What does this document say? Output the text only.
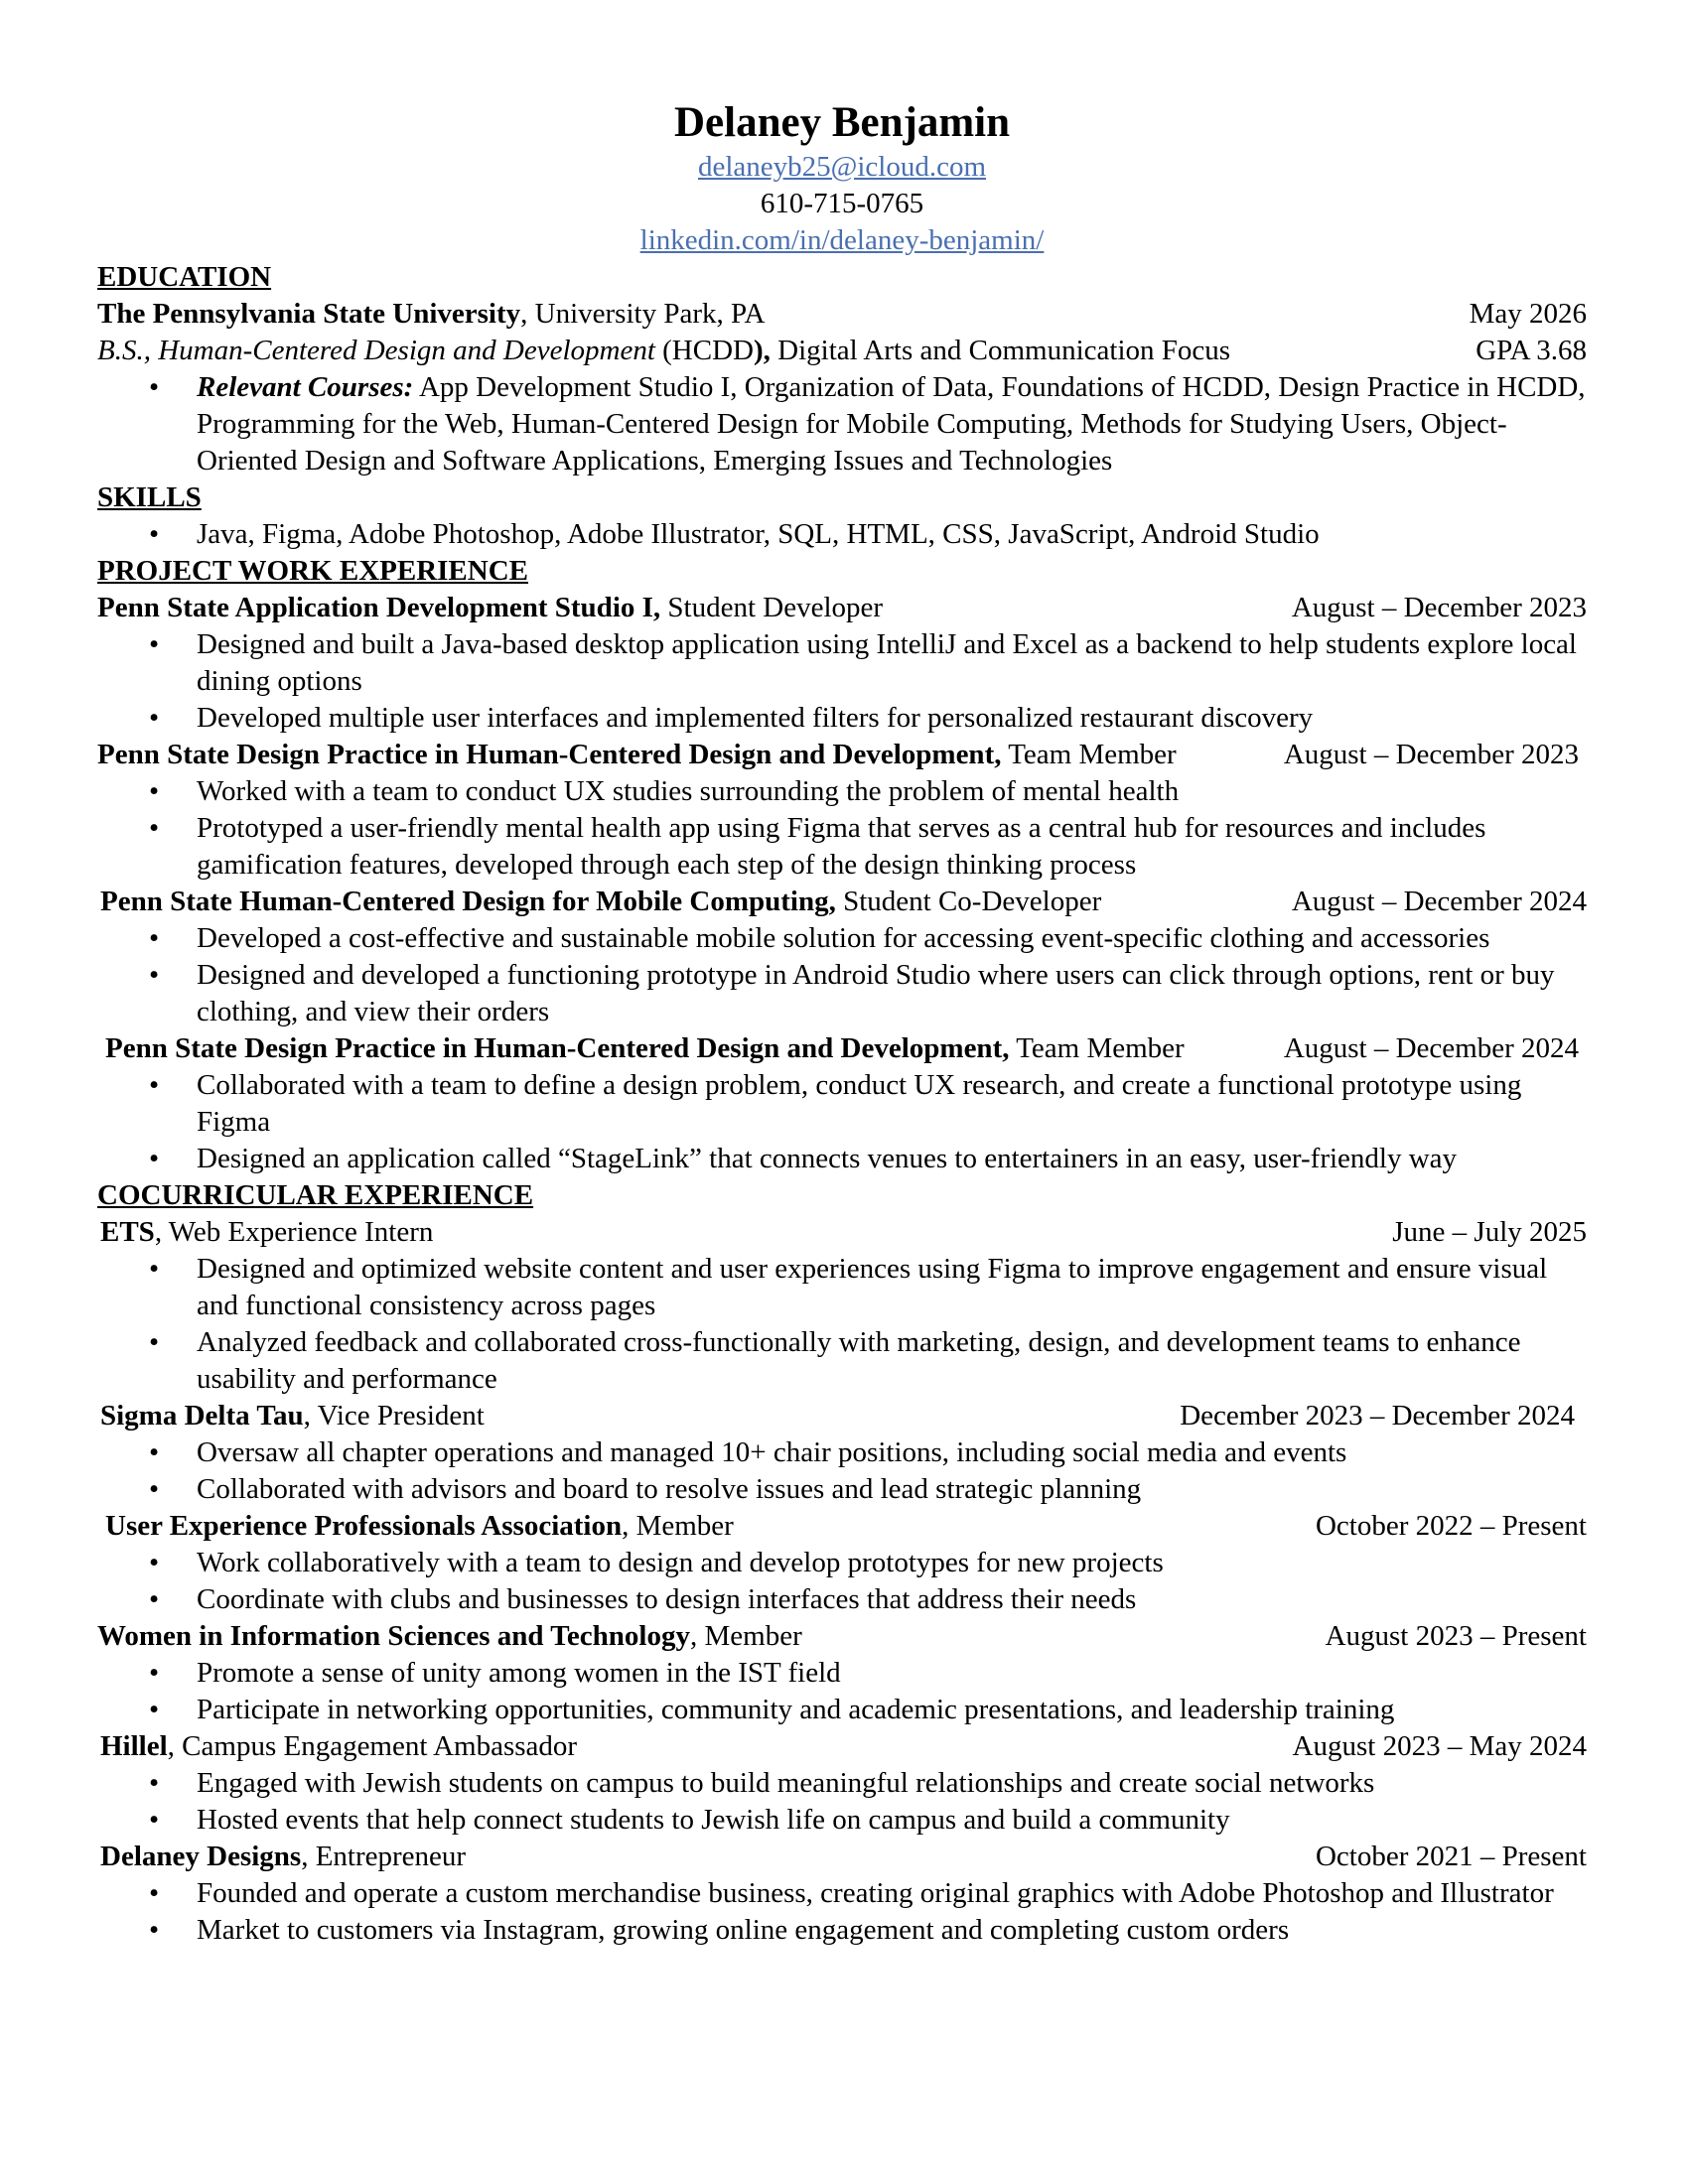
Delaney Benjamin
delaneyb25@icloud.com
610-715-0765
linkedin.com/in/delaney-benjamin/
EDUCATION
The Pennsylvania State University, University Park, PA	May 2026
B.S., Human-Centered Design and Development (HCDD), Digital Arts and Communication Focus	GPA 3.68
• Relevant Courses: App Development Studio I, Organization of Data, Foundations of HCDD, Design Practice in HCDD, Programming for the Web, Human-Centered Design for Mobile Computing, Methods for Studying Users, Object-Oriented Design and Software Applications, Emerging Issues and Technologies
SKILLS
• Java, Figma, Adobe Photoshop, Adobe Illustrator, SQL, HTML, CSS, JavaScript, Android Studio
PROJECT WORK EXPERIENCE
Penn State Application Development Studio I, Student Developer	August – December 2023
• Designed and built a Java-based desktop application using IntelliJ and Excel as a backend to help students explore local dining options
• Developed multiple user interfaces and implemented filters for personalized restaurant discovery
Penn State Design Practice in Human-Centered Design and Development, Team Member	August – December 2023
• Worked with a team to conduct UX studies surrounding the problem of mental health
• Prototyped a user-friendly mental health app using Figma that serves as a central hub for resources and includes gamification features, developed through each step of the design thinking process
Penn State Human-Centered Design for Mobile Computing, Student Co-Developer	August – December 2024
• Developed a cost-effective and sustainable mobile solution for accessing event-specific clothing and accessories
• Designed and developed a functioning prototype in Android Studio where users can click through options, rent or buy clothing, and view their orders
Penn State Design Practice in Human-Centered Design and Development, Team Member	August – December 2024
• Collaborated with a team to define a design problem, conduct UX research, and create a functional prototype using Figma
• Designed an application called “StageLink” that connects venues to entertainers in an easy, user-friendly way
COCURRICULAR EXPERIENCE
ETS, Web Experience Intern	June – July 2025
• Designed and optimized website content and user experiences using Figma to improve engagement and ensure visual and functional consistency across pages
• Analyzed feedback and collaborated cross-functionally with marketing, design, and development teams to enhance usability and performance
Sigma Delta Tau, Vice President	December 2023 – December 2024
• Oversaw all chapter operations and managed 10+ chair positions, including social media and events
• Collaborated with advisors and board to resolve issues and lead strategic planning
User Experience Professionals Association, Member	October 2022 – Present
• Work collaboratively with a team to design and develop prototypes for new projects
• Coordinate with clubs and businesses to design interfaces that address their needs
Women in Information Sciences and Technology, Member	August 2023 – Present
• Promote a sense of unity among women in the IST field
• Participate in networking opportunities, community and academic presentations, and leadership training
Hillel, Campus Engagement Ambassador	August 2023 – May 2024
• Engaged with Jewish students on campus to build meaningful relationships and create social networks
• Hosted events that help connect students to Jewish life on campus and build a community
Delaney Designs, Entrepreneur	October 2021 – Present
• Founded and operate a custom merchandise business, creating original graphics with Adobe Photoshop and Illustrator
• Market to customers via Instagram, growing online engagement and completing custom orders
